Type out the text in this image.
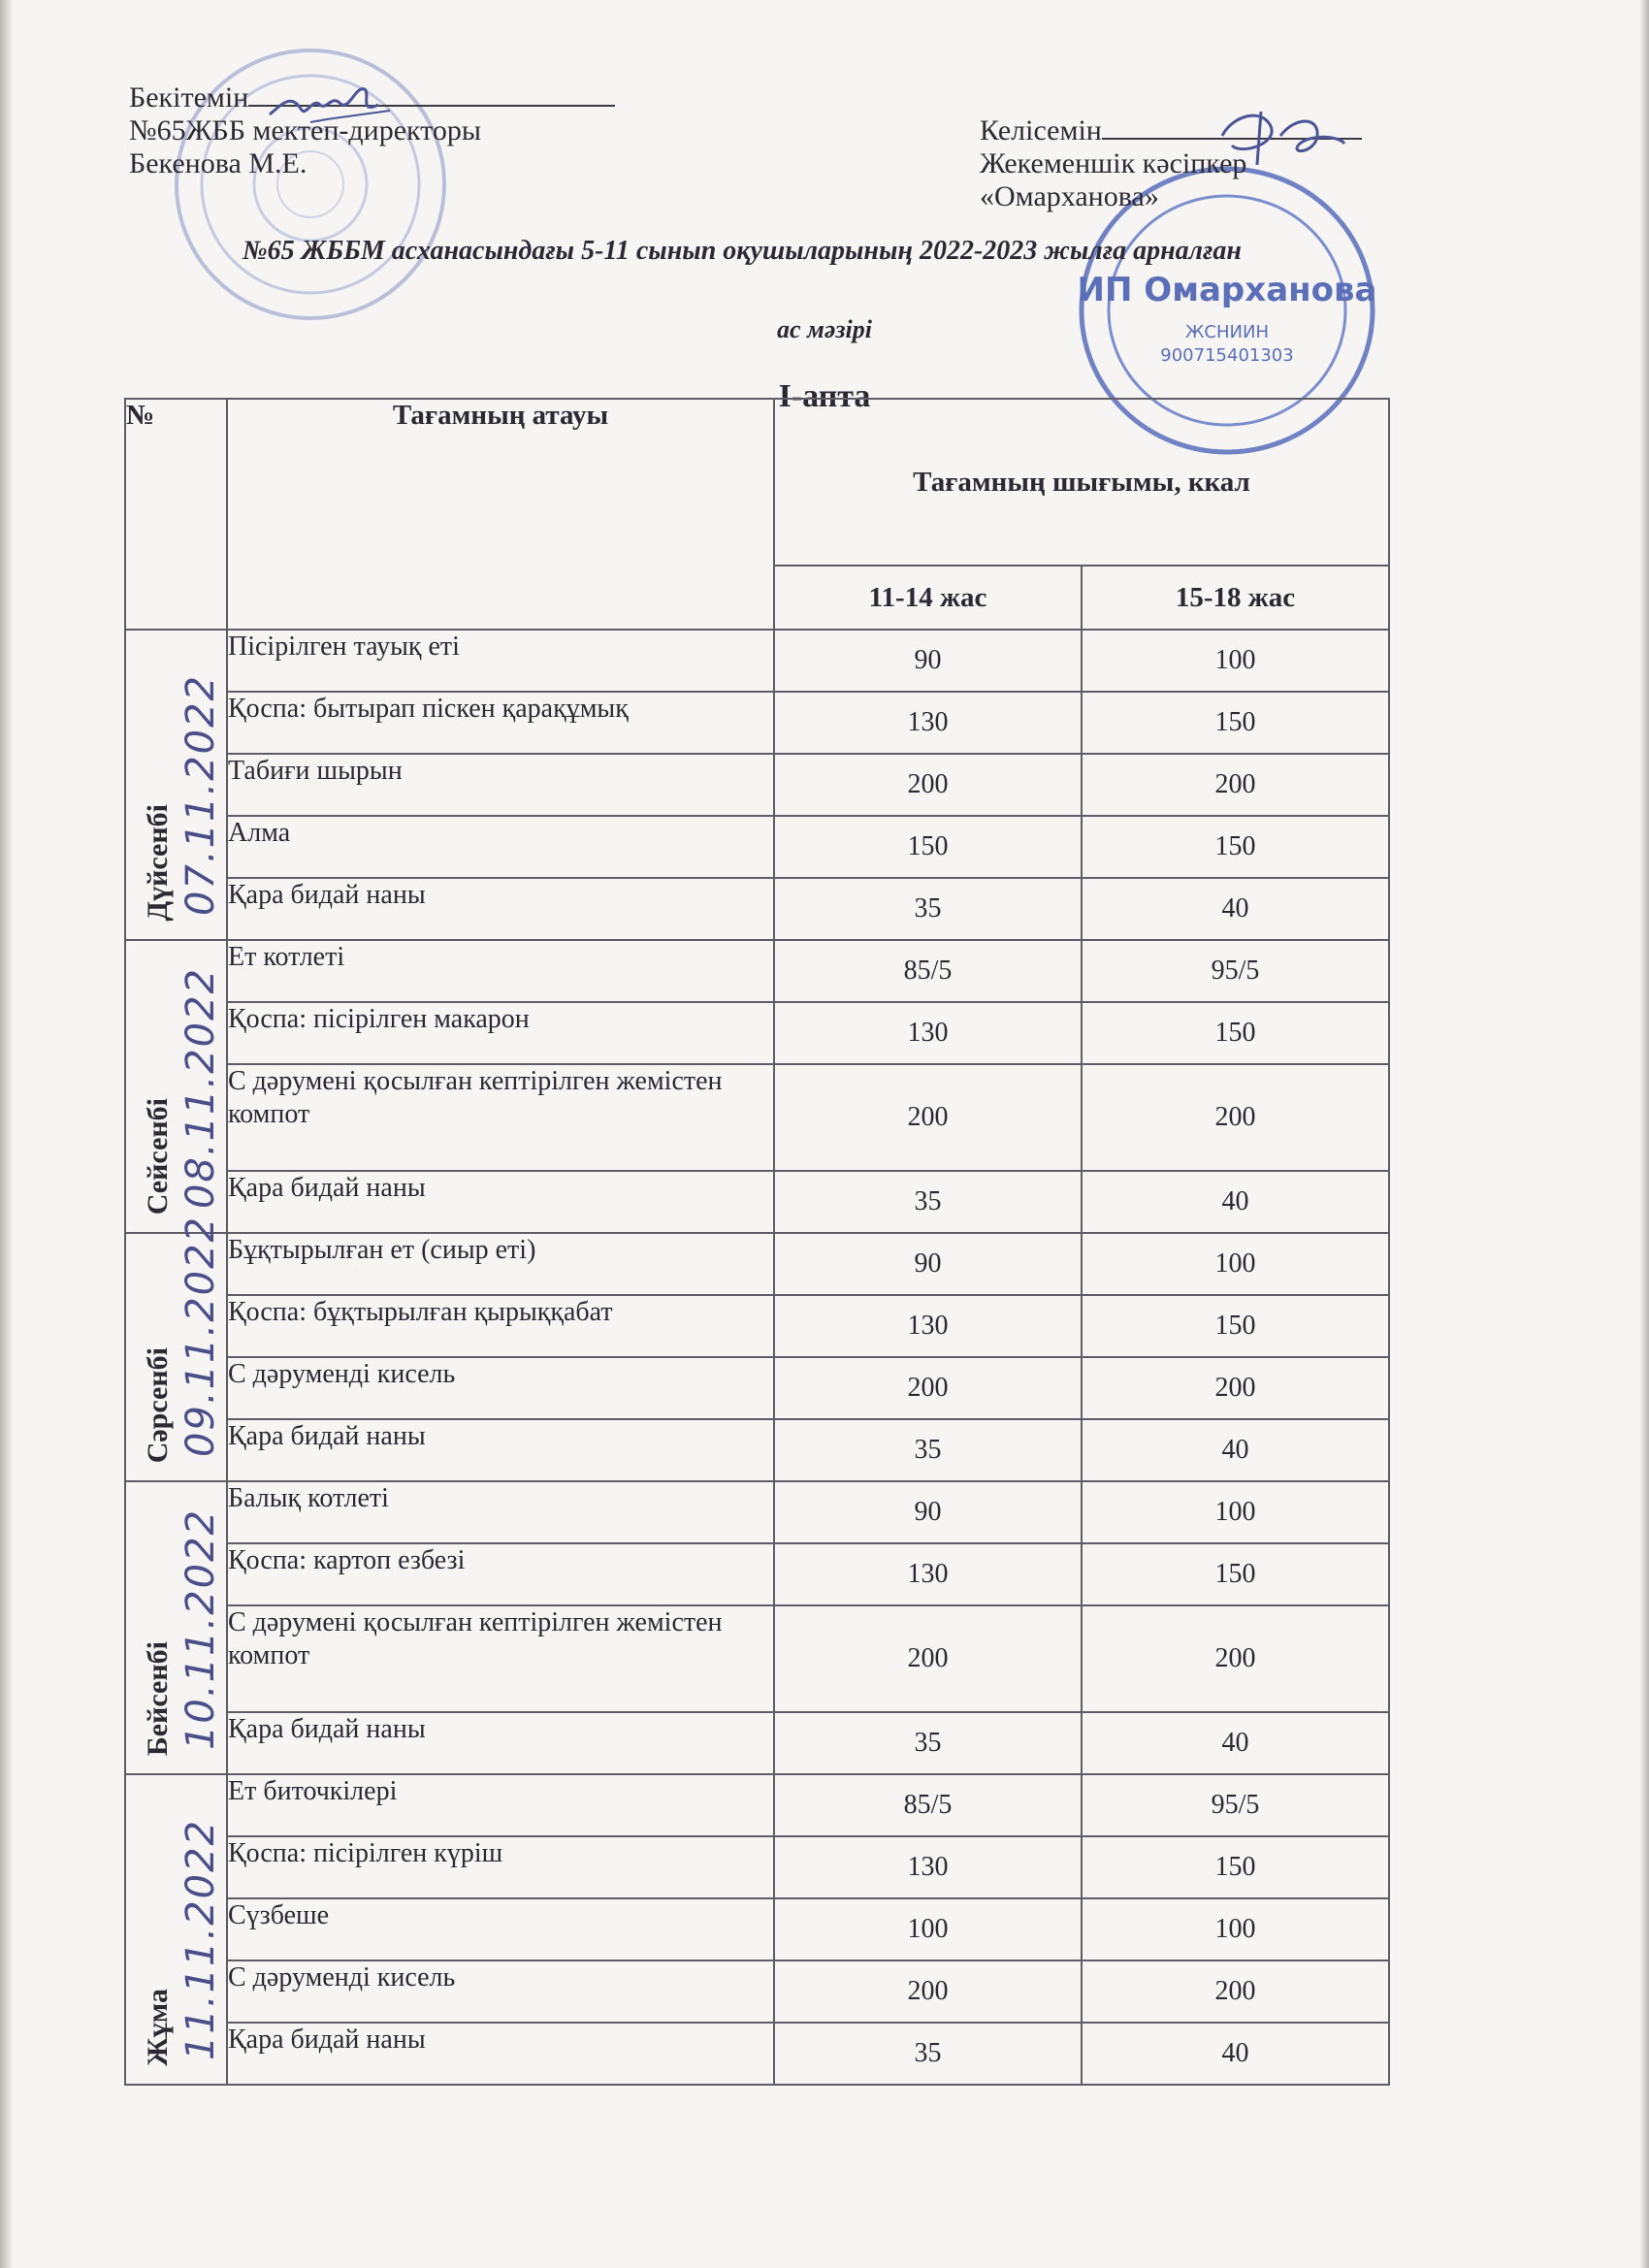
ИП Омарханова
ЖСНИИН
900715401303
Бекітемін
№65ЖББ мектеп-директоры
Бекенова М.Е.
Келісемін
Жекеменшік кәсіпкер
«Омарханова»
№65 ЖББМ асханасындағы 5-11 сынып оқушыларының 2022-2023 жылға арналған
ас мәзірі
І-апта
№	Тағамның атауы	Тағамның шығымы, ккал	
		11-14 жас	15-18 жас

Дүйсенбі 07.11.2022	Пісірілген тауық еті	90	100
	Қоспа: бытырап піскен қарақұмық	130	150
	Табиғи шырын	200	200
	Алма	150	150
	Қара бидай наны	35	40

Сейсенбі 08.11.2022	Ет котлеті	85/5	95/5
	Қоспа: пісірілген макарон	130	150
	С дәрумені қосылған кептірілген жемістен компот	200	200
	Қара бидай наны	35	40

Сәрсенбі 09.11.2022	Бұқтырылған ет (сиыр еті)	90	100
	Қоспа: бұқтырылған қырыққабат	130	150
	С дәруменді кисель	200	200
	Қара бидай наны	35	40

Бейсенбі 10.11.2022	Балық котлеті	90	100
	Қоспа: картоп езбезі	130	150
	С дәрумені қосылған кептірілген жемістен компот	200	200
	Қара бидай наны	35	40

Жұма 11.11.2022	Ет биточкілері	85/5	95/5
	Қоспа: пісірілген күріш	130	150
	Сүзбеше	100	100
	С дәруменді кисель	200	200
	Қара бидай наны	35	40
